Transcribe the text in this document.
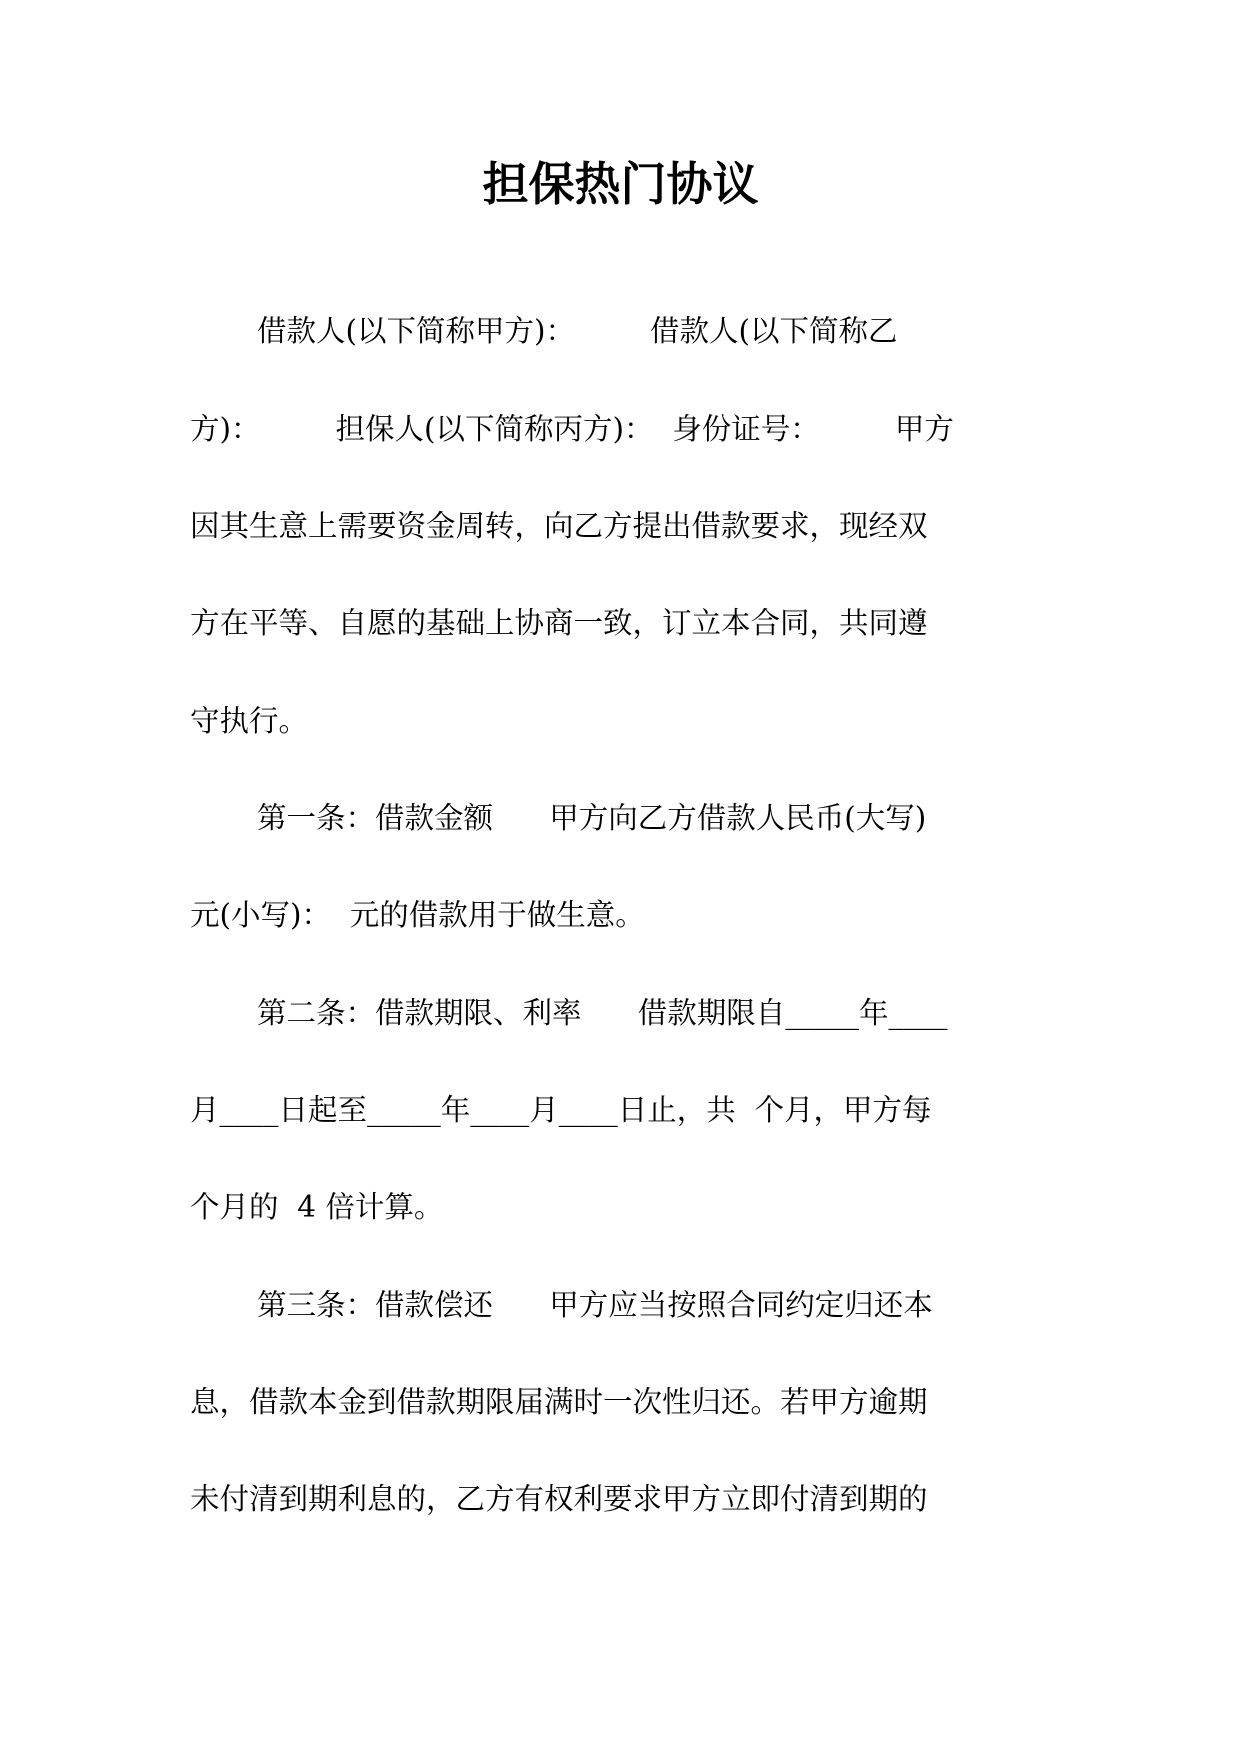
担保热门协议

借款人(以下简称甲方)：        借款人(以下简称乙

方)：        担保人(以下简称丙方)：  身份证号：        甲方

因其生意上需要资金周转，向乙方提出借款要求，现经双

方在平等、自愿的基础上协商一致，订立本合同，共同遵

守执行。

第一条：借款金额      甲方向乙方借款人民币(大写)

元(小写)：  元的借款用于做生意。

第二条：借款期限、利率      借款期限自_____年____

月____日起至_____年____月____日止，共  个月，甲方每

个月的  4 倍计算。

第三条：借款偿还      甲方应当按照合同约定归还本

息，借款本金到借款期限届满时一次性归还。若甲方逾期

未付清到期利息的，乙方有权利要求甲方立即付清到期的
